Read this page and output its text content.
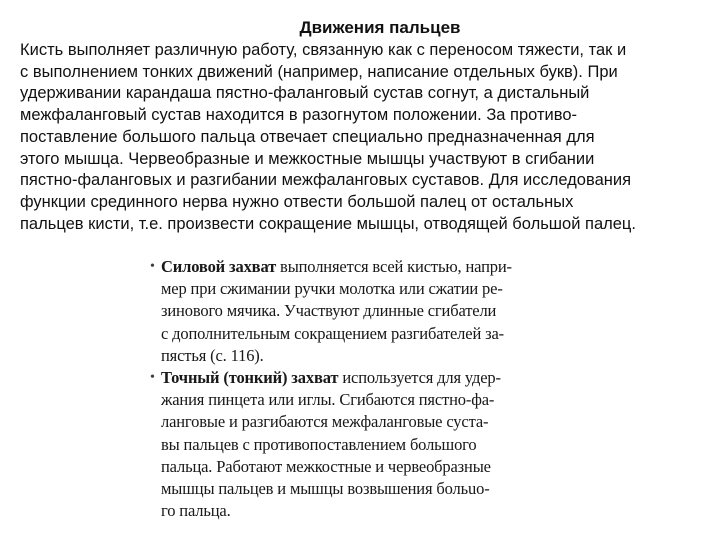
Движения пальцев
Кисть выполняет различную работу, связанную как с переносом тяжести, так и
с выполнением тонких движений (например, написание отдельных букв). При
удерживании карандаша пястно-фаланговый сустав согнут, а дистальный
межфаланговый сустав находится в разогнутом положении. За противо-
поставление большого пальца отвечает специально предназначенная для
этого мышца. Червеобразные и межкостные мышцы участвуют в сгибании
пястно-фаланговых и разгибании межфаланговых суставов. Для исследования
функции срединного нерва нужно отвести большой палец от остальных
пальцев кисти, т.е. произвести сокращение мышцы, отводящей большой палец.
• Силовой захват выполняется всей кистью, напри-
мер при сжимании ручки молотка или сжатии ре-
зинового мячика. Участвуют длинные сгибатели
с дополнительным сокращением разгибателей за-
пястья (с. 116).
• Точный (тонкий) захват используется для удер-
жания пинцета или иглы. Сгибаются пястно-фа-
ланговые и разгибаются межфаланговые суста-
вы пальцев с противопоставлением большого
пальца. Работают межкостные и червеобразные
мышцы пальцев и мышцы возвышения больuo-
го пальца.
